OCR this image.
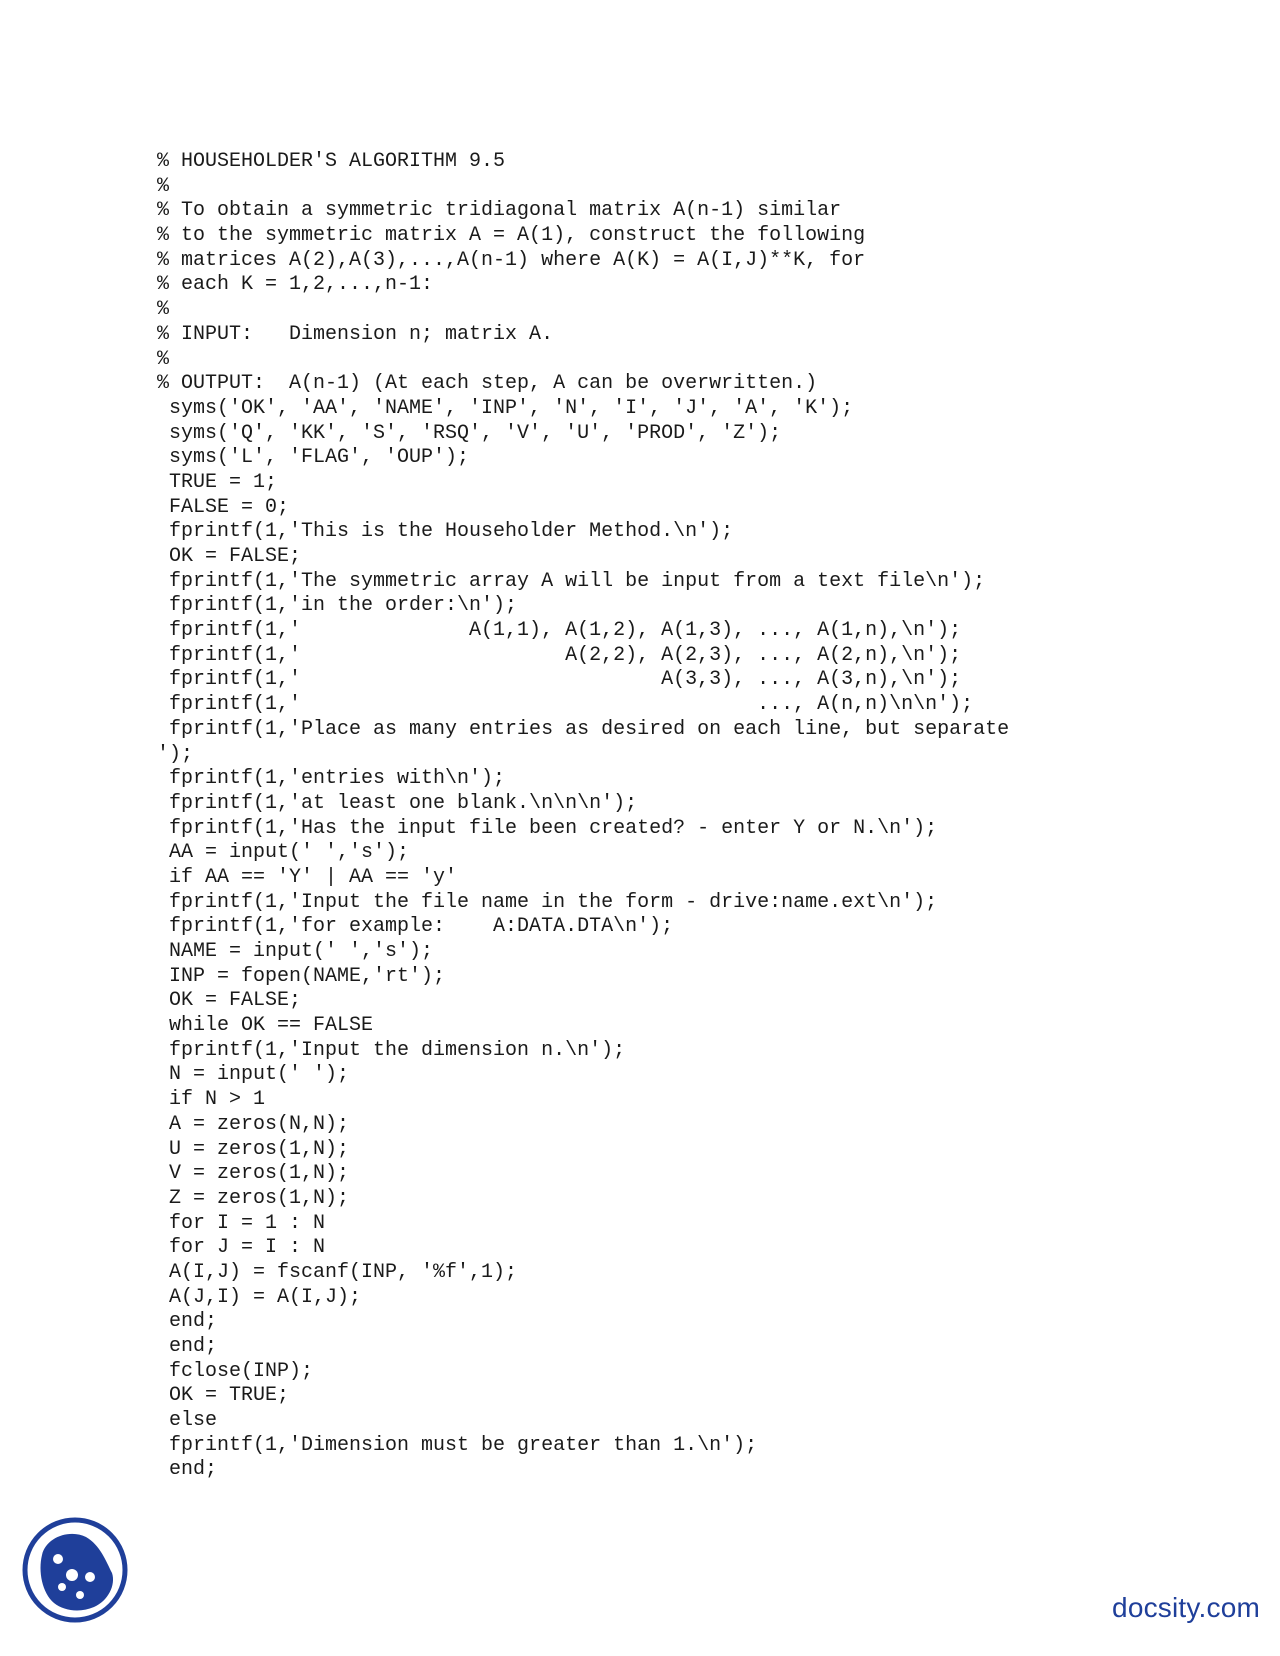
% HOUSEHOLDER'S ALGORITHM 9.5
%
% To obtain a symmetric tridiagonal matrix A(n-1) similar
% to the symmetric matrix A = A(1), construct the following
% matrices A(2),A(3),...,A(n-1) where A(K) = A(I,J)**K, for
% each K = 1,2,...,n-1:
%
% INPUT:   Dimension n; matrix A.
%
% OUTPUT:  A(n-1) (At each step, A can be overwritten.)
syms('OK', 'AA', 'NAME', 'INP', 'N', 'I', 'J', 'A', 'K');
syms('Q', 'KK', 'S', 'RSQ', 'V', 'U', 'PROD', 'Z');
syms('L', 'FLAG', 'OUP');
TRUE = 1;
FALSE = 0;
fprintf(1,'This is the Householder Method.\n');
OK = FALSE;
fprintf(1,'The symmetric array A will be input from a text file\n');
fprintf(1,'in the order:\n');
fprintf(1,'              A(1,1), A(1,2), A(1,3), ..., A(1,n),\n');
fprintf(1,'                      A(2,2), A(2,3), ..., A(2,n),\n');
fprintf(1,'                              A(3,3), ..., A(3,n),\n');
fprintf(1,'                                      ..., A(n,n)\n\n');
fprintf(1,'Place as many entries as desired on each line, but separate
');
fprintf(1,'entries with\n');
fprintf(1,'at least one blank.\n\n\n');
fprintf(1,'Has the input file been created? - enter Y or N.\n');
AA = input(' ','s');
if AA == 'Y' | AA == 'y'
fprintf(1,'Input the file name in the form - drive:name.ext\n');
fprintf(1,'for example:    A:DATA.DTA\n');
NAME = input(' ','s');
INP = fopen(NAME,'rt');
OK = FALSE;
while OK == FALSE
fprintf(1,'Input the dimension n.\n');
N = input(' ');
if N > 1
A = zeros(N,N);
U = zeros(1,N);
V = zeros(1,N);
Z = zeros(1,N);
for I = 1 : N
for J = I : N
A(I,J) = fscanf(INP, '%f',1);
A(J,I) = A(I,J);
end;
end;
fclose(INP);
OK = TRUE;
else
fprintf(1,'Dimension must be greater than 1.\n');
end;
docsity.com
